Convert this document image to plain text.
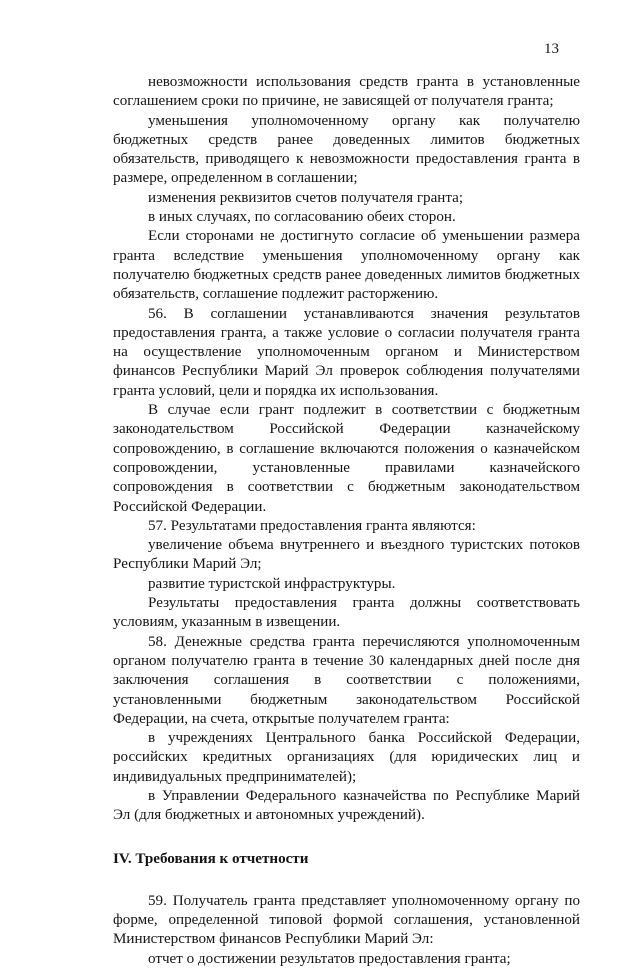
13

невозможности использования средств гранта в установленные соглашением сроки по причине, не зависящей от получателя гранта;

уменьшения уполномоченному органу как получателю бюджетных средств ранее доведенных лимитов бюджетных обязательств, приводящего к невозможности предоставления гранта в размере, определенном в соглашении;

изменения реквизитов счетов получателя гранта;

в иных случаях, по согласованию обеих сторон.

Если сторонами не достигнуто согласие об уменьшении размера гранта вследствие уменьшения уполномоченному органу как получателю бюджетных средств ранее доведенных лимитов бюджетных обязательств, соглашение подлежит расторжению.

56. В соглашении устанавливаются значения результатов предоставления гранта, а также условие о согласии получателя гранта на осуществление уполномоченным органом и Министерством финансов Республики Марий Эл проверок соблюдения получателями гранта условий, цели и порядка их использования.

В случае если грант подлежит в соответствии с бюджетным законодательством Российской Федерации казначейскому сопровождению, в соглашение включаются положения о казначейском сопровождении, установленные правилами казначейского сопровождения в соответствии с бюджетным законодательством Российской Федерации.

57. Результатами предоставления гранта являются:

увеличение объема внутреннего и въездного туристских потоков Республики Марий Эл;

развитие туристской инфраструктуры.

Результаты предоставления гранта должны соответствовать условиям, указанным в извещении.

58. Денежные средства гранта перечисляются уполномоченным органом получателю гранта в течение 30 календарных дней после дня заключения соглашения в соответствии с положениями, установленными бюджетным законодательством Российской Федерации, на счета, открытые получателем гранта:

в учреждениях Центрального банка Российской Федерации, российских кредитных организациях (для юридических лиц и индивидуальных предпринимателей);

в Управлении Федерального казначейства по Республике Марий Эл (для бюджетных и автономных учреждений).

IV. Требования к отчетности

59. Получатель гранта представляет уполномоченному органу по форме, определенной типовой формой соглашения, установленной Министерством финансов Республики Марий Эл:

отчет о достижении результатов предоставления гранта;
